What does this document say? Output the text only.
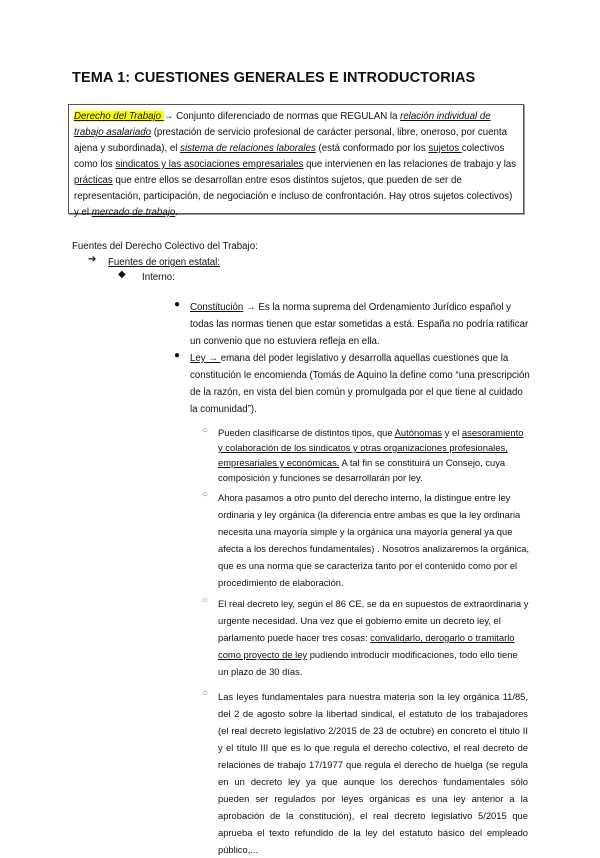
TEMA 1: CUESTIONES GENERALES E INTRODUCTORIAS
Derecho del Trabajo → Conjunto diferenciado de normas que REGULAN la relación individual de trabajo asalariado (prestación de servicio profesional de carácter personal, libre, oneroso, por cuenta ajena y subordinada), el sistema de relaciones laborales (está conformado por los sujetos colectivos como los sindicatos y las asociaciones empresariales que intervienen en las relaciones de trabajo y las prácticas que entre ellos se desarrollan entre esos distintos sujetos, que pueden de ser de representación, participación, de negociación e incluso de confrontación. Hay otros sujetos colectivos) y el mercado de trabajo.
Fuentes del Derecho Colectivo del Trabajo:
➔ Fuentes de origen estatal:
◆ Interno:
● Constitución → Es la norma suprema del Ordenamiento Jurídico español y todas las normas tienen que estar sometidas a está. España no podría ratificar un convenio que no estuviera refleja en ella.
● Ley → emana del poder legislativo y desarrolla aquellas cuestiones que la constitución le encomienda (Tomás de Aquino la define como “una prescripción de la razón, en vista del bien común y promulgada por el que tiene al cuidado la comunidad”).
○ Pueden clasificarse de distintos tipos, que Autónomas y el asesoramiento y colaboración de los sindicatos y otras organizaciones profesionales, empresariales y económicas. A tal fin se constituirá un Consejo, cuya composición y funciones se desarrollarán por ley.
○ Ahora pasamos a otro punto del derecho interno, la distingue entre ley ordinaria y ley orgánica (la diferencia entre ambas es que la ley ordinaria necesita una mayoría simple y la orgánica una mayoría general ya que afecta a los derechos fundamentales) . Nosotros analizaremos la orgánica, que es una norma que se caracteriza tanto por el contenido como por el procedimiento de elaboración.
○ El real decreto ley, según el 86 CE, se da en supuestos de extraordinaria y urgente necesidad. Una vez que el gobierno emite un decreto ley, el parlamento puede hacer tres cosas: convalidarlo, derogarlo o tramitarlo como proyecto de ley pudiendo introducir modificaciones, todo ello tiene un plazo de 30 días.
○ Las leyes fundamentales para nuestra materia son la ley orgánica 11/85, del 2 de agosto sobre la libertad sindical, el estatuto de los trabajadores (el real decreto legislativo 2/2015 de 23 de octubre) en concreto el título II y el título III que es lo que regula el derecho colectivo, el real decreto de relaciones de trabajo 17/1977 que regula el derecho de huelga (se regula en un decreto ley ya que aunque los derechos fundamentales sólo pueden ser regulados por leyes orgánicas es una ley anterior a la aprobación de la constitución), el real decreto legislativo 5/2015 que aprueba el texto refundido de la ley del estatuto básico del empleado público,...
